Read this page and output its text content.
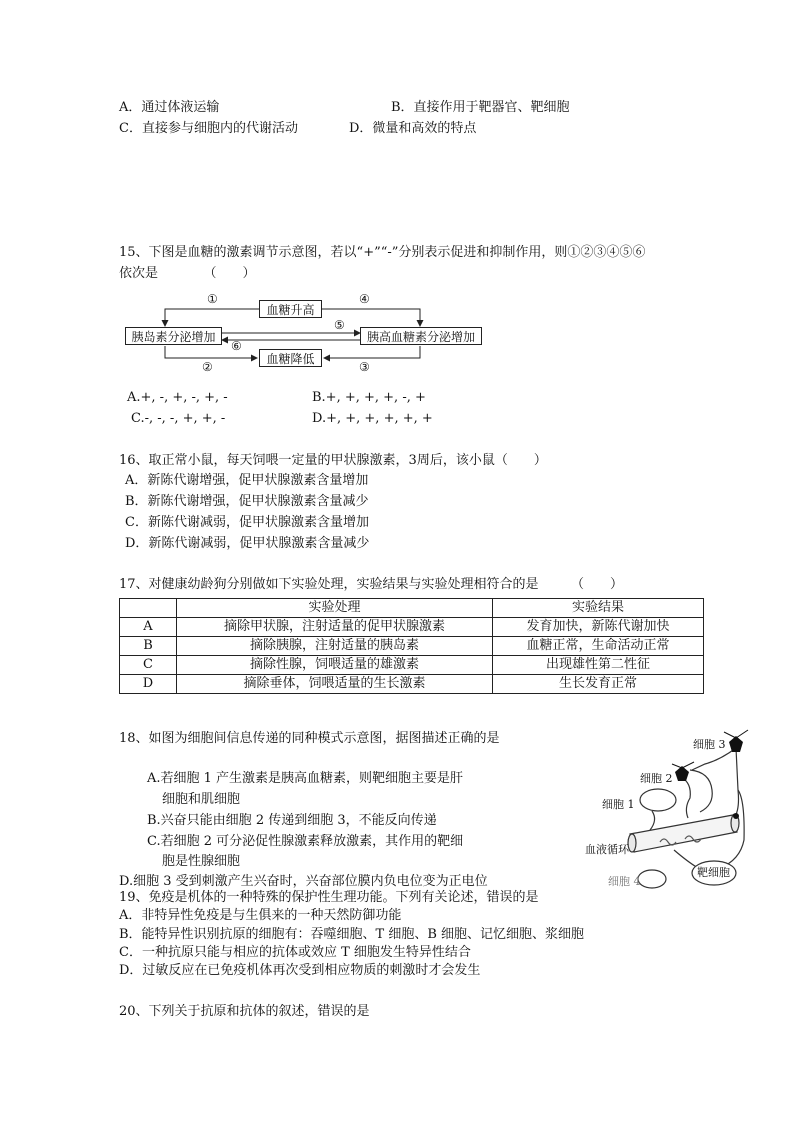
A．通过体液运输	B．直接作用于靶器官、靶细胞
C．直接参与细胞内的代谢活动	D．微量和高效的特点
15、下图是血糖的激素调节示意图，若以“+”“-”分别表示促进和抑制作用，则①②③④⑤⑥
依次是　　　　（　　）
血糖升高
血糖降低
胰岛素分泌增加	胰高血糖素分泌增加
①	④
⑤
⑥
②	③
A.+, -, +, -, +, -	B.+, +, +, +, -, +
C.-, -, -, +, +, -	D.+, +, +, +, +, +
16、取正常小鼠，每天饲喂一定量的甲状腺激素，3周后，该小鼠（　　）
A．新陈代谢增强，促甲状腺激素含量增加
B．新陈代谢增强，促甲状腺激素含量减少
C．新陈代谢减弱，促甲状腺激素含量增加
D．新陈代谢减弱，促甲状腺激素含量减少
17、对健康幼龄狗分别做如下实验处理，实验结果与实验处理相符合的是　　　（　　）
	实验处理	实验结果
A	摘除甲状腺，注射适量的促甲状腺激素	发育加快，新陈代谢加快
B	摘除胰腺，注射适量的胰岛素	血糖正常，生命活动正常
C	摘除性腺，饲喂适量的雄激素	出现雄性第二性征
D	摘除垂体，饲喂适量的生长激素	生长发育正常
18、如图为细胞间信息传递的同种模式示意图，据图描述正确的是
A.若细胞 1 产生激素是胰高血糖素，则靶细胞主要是肝
细胞和肌细胞
B.兴奋只能由细胞 2 传递到细胞 3，不能反向传递
C.若细胞 2 可分泌促性腺激素释放激素，其作用的靶细
胞是性腺细胞
D.细胞 3 受到刺激产生兴奋时，兴奋部位膜内负电位变为正电位
细胞 3
细胞 2
细胞 1
血液循环
细胞 4
靶细胞
19、免疫是机体的一种特殊的保护性生理功能。下列有关论述，错误的是
A．非特异性免疫是与生俱来的一种天然防御功能
B．能特异性识别抗原的细胞有：吞噬细胞、T 细胞、B 细胞、记忆细胞、浆细胞
C．一种抗原只能与相应的抗体或效应 T 细胞发生特异性结合
D．过敏反应在已免疫机体再次受到相应物质的刺激时才会发生
20、下列关于抗原和抗体的叙述，错误的是
